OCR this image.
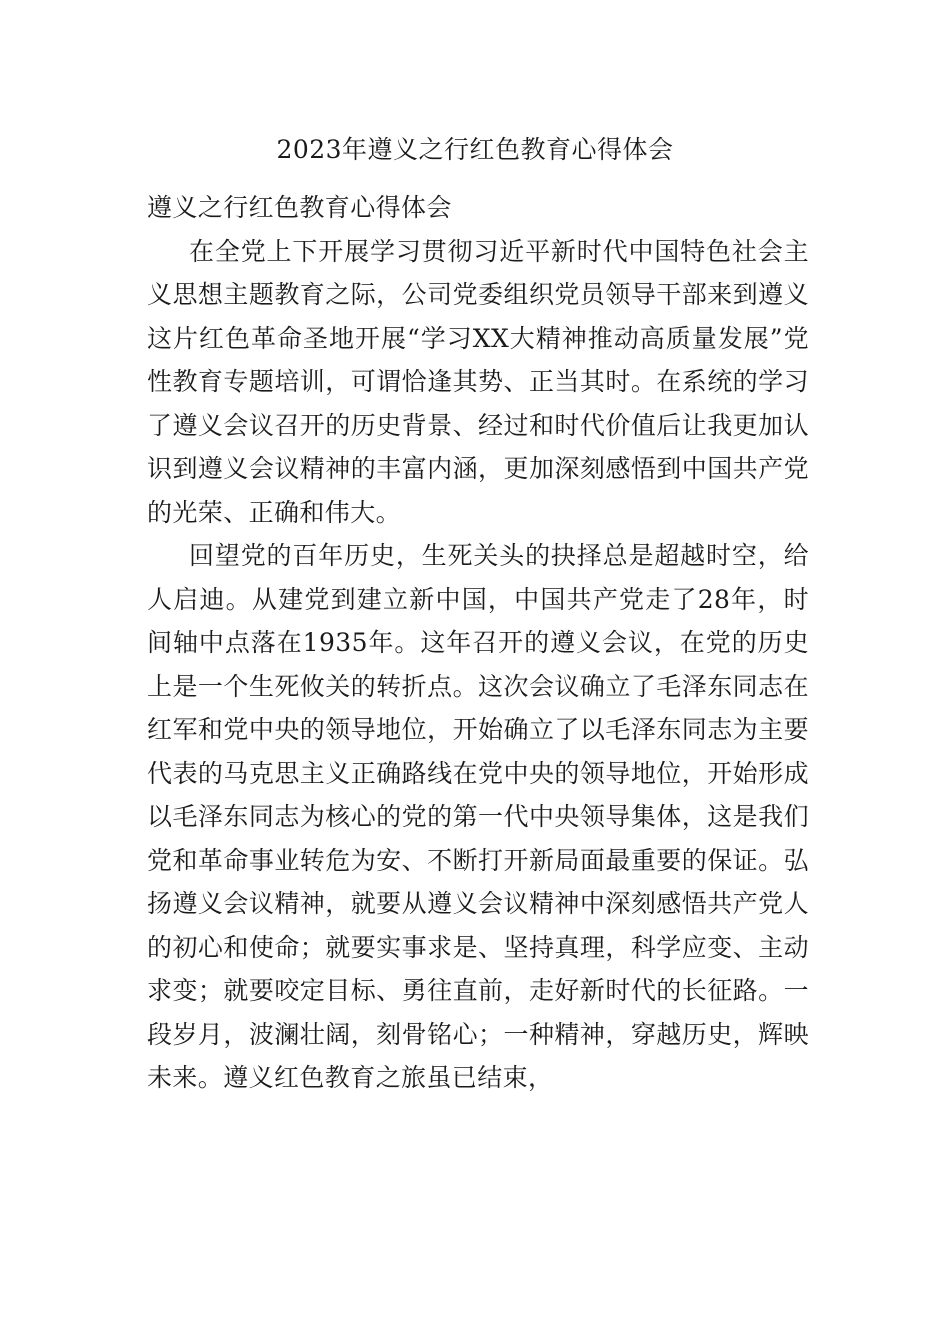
2023年遵义之行红色教育心得体会

遵义之行红色教育心得体会

在全党上下开展学习贯彻习近平新时代中国特色社会主义思想主题教育之际，公司党委组织党员领导干部来到遵义这片红色革命圣地开展“学习XX大精神推动高质量发展”党性教育专题培训，可谓恰逢其势、正当其时。在系统的学习了遵义会议召开的历史背景、经过和时代价值后让我更加认识到遵义会议精神的丰富内涵，更加深刻感悟到中国共产党的光荣、正确和伟大。

回望党的百年历史，生死关头的抉择总是超越时空，给人启迪。从建党到建立新中国，中国共产党走了28年，时间轴中点落在1935年。这年召开的遵义会议，在党的历史上是一个生死攸关的转折点。这次会议确立了毛泽东同志在红军和党中央的领导地位，开始确立了以毛泽东同志为主要代表的马克思主义正确路线在党中央的领导地位，开始形成以毛泽东同志为核心的党的第一代中央领导集体，这是我们党和革命事业转危为安、不断打开新局面最重要的保证。弘扬遵义会议精神，就要从遵义会议精神中深刻感悟共产党人的初心和使命；就要实事求是、坚持真理，科学应变、主动求变；就要咬定目标、勇往直前，走好新时代的长征路。一段岁月，波澜壮阔，刻骨铭心；一种精神，穿越历史，辉映未来。遵义红色教育之旅虽已结束，
